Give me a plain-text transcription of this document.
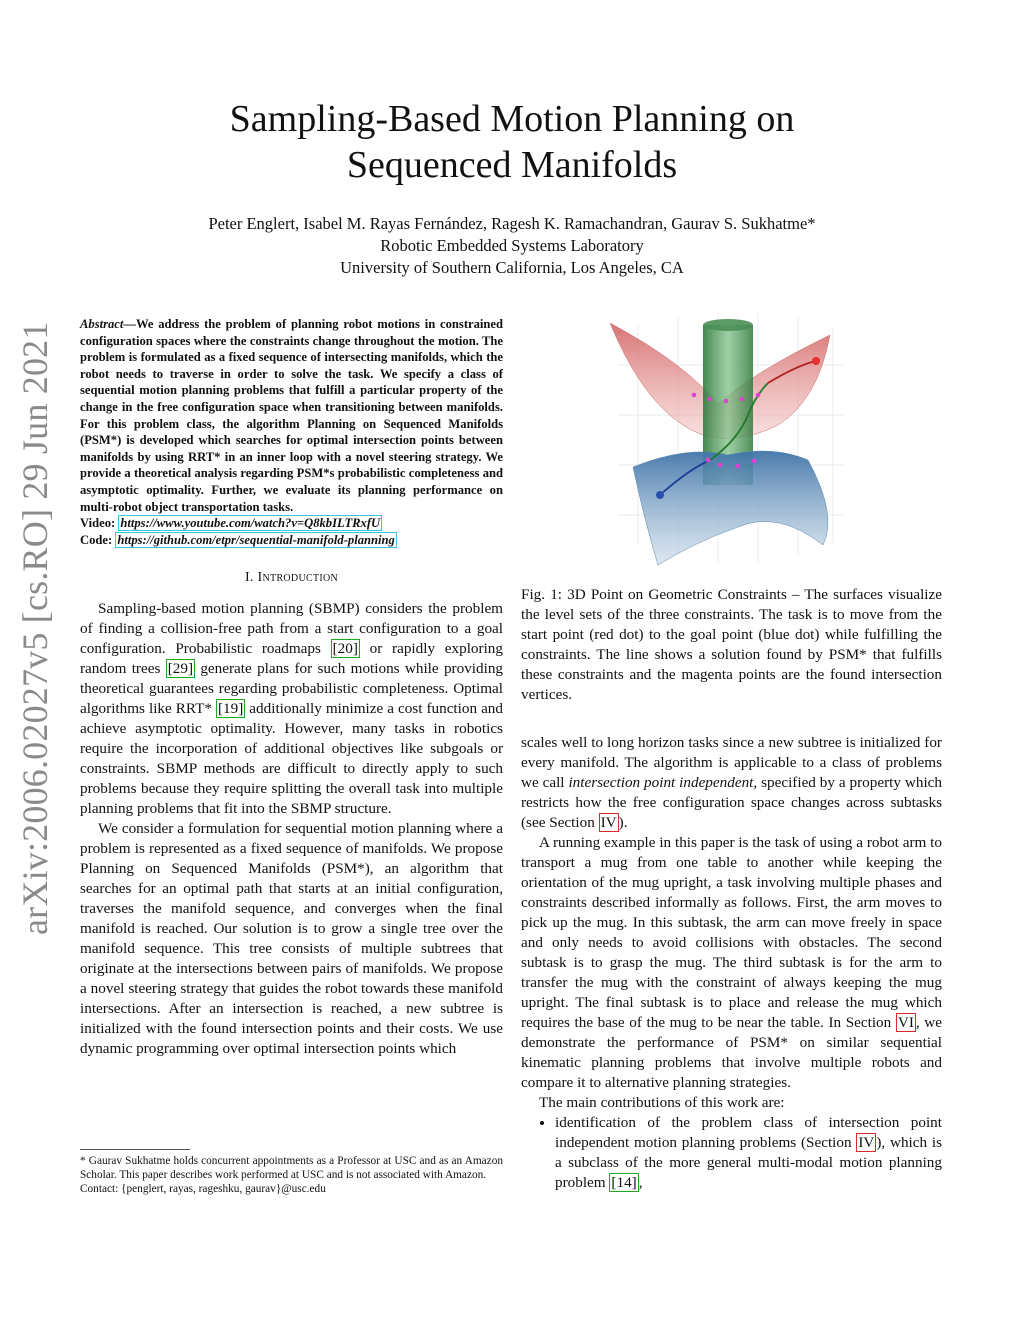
arXiv:2006.02027v5 [cs.RO] 29 Jun 2021
Sampling-Based Motion Planning on
Sequenced Manifolds
Peter Englert, Isabel M. Rayas Fernández, Ragesh K. Ramachandran, Gaurav S. Sukhatme*
Robotic Embedded Systems Laboratory
University of Southern California, Los Angeles, CA

Abstract—We address the problem of planning robot motions in constrained configuration spaces where the constraints change throughout the motion. The problem is formulated as a fixed sequence of intersecting manifolds, which the robot needs to traverse in order to solve the task. We specify a class of sequential motion planning problems that fulfill a particular property of the change in the free configuration space when transitioning between manifolds. For this problem class, the algorithm Planning on Sequenced Manifolds (PSM*) is developed which searches for optimal intersection points between manifolds by using RRT* in an inner loop with a novel steering strategy. We provide a theoretical analysis regarding PSM*s probabilistic completeness and asymptotic optimality. Further, we evaluate its planning performance on multi-robot object transportation tasks.
Video: https://www.youtube.com/watch?v=Q8kbILTRxfU
Code: https://github.com/etpr/sequential-manifold-planning

I. Introduction

Sampling-based motion planning (SBMP) considers the problem of finding a collision-free path from a start configuration to a goal configuration. Probabilistic roadmaps [20] or rapidly exploring random trees [29] generate plans for such motions while providing theoretical guarantees regarding probabilistic completeness. Optimal algorithms like RRT* [19] additionally minimize a cost function and achieve asymptotic optimality. However, many tasks in robotics require the incorporation of additional objectives like subgoals or constraints. SBMP methods are difficult to directly apply to such problems because they require splitting the overall task into multiple planning problems that fit into the SBMP structure.

We consider a formulation for sequential motion planning where a problem is represented as a fixed sequence of manifolds. We propose Planning on Sequenced Manifolds (PSM*), an algorithm that searches for an optimal path that starts at an initial configuration, traverses the manifold sequence, and converges when the final manifold is reached. Our solution is to grow a single tree over the manifold sequence. This tree consists of multiple subtrees that originate at the intersections between pairs of manifolds. We propose a novel steering strategy that guides the robot towards these manifold intersections. After an intersection is reached, a new subtree is initialized with the found intersection points and their costs. We use dynamic programming over optimal intersection points which

* Gaurav Sukhatme holds concurrent appointments as a Professor at USC and as an Amazon Scholar. This paper describes work performed at USC and is not associated with Amazon.
Contact: {penglert, rayas, rageshku, gaurav}@usc.edu
Fig. 1: 3D Point on Geometric Constraints – The surfaces visualize the level sets of the three constraints. The task is to move from the start point (red dot) to the goal point (blue dot) while fulfilling the constraints. The line shows a solution found by PSM* that fulfills these constraints and the magenta points are the found intersection vertices.

scales well to long horizon tasks since a new subtree is initialized for every manifold. The algorithm is applicable to a class of problems we call intersection point independent, specified by a property which restricts how the free configuration space changes across subtasks (see Section IV ).

A running example in this paper is the task of using a robot arm to transport a mug from one table to another while keeping the orientation of the mug upright, a task involving multiple phases and constraints described informally as follows. First, the arm moves to pick up the mug. In this subtask, the arm can move freely in space and only needs to avoid collisions with obstacles. The second subtask is to grasp the mug. The third subtask is for the arm to transfer the mug with the constraint of always keeping the mug upright. The final subtask is to place and release the mug which requires the base of the mug to be near the table. In Section VI , we demonstrate the performance of PSM* on similar sequential kinematic planning problems that involve multiple robots and compare it to alternative planning strategies.

The main contributions of this work are:

• identification of the problem class of intersection point independent motion planning problems (Section IV ), which is a subclass of the more general multi-modal motion planning problem [14] ,
